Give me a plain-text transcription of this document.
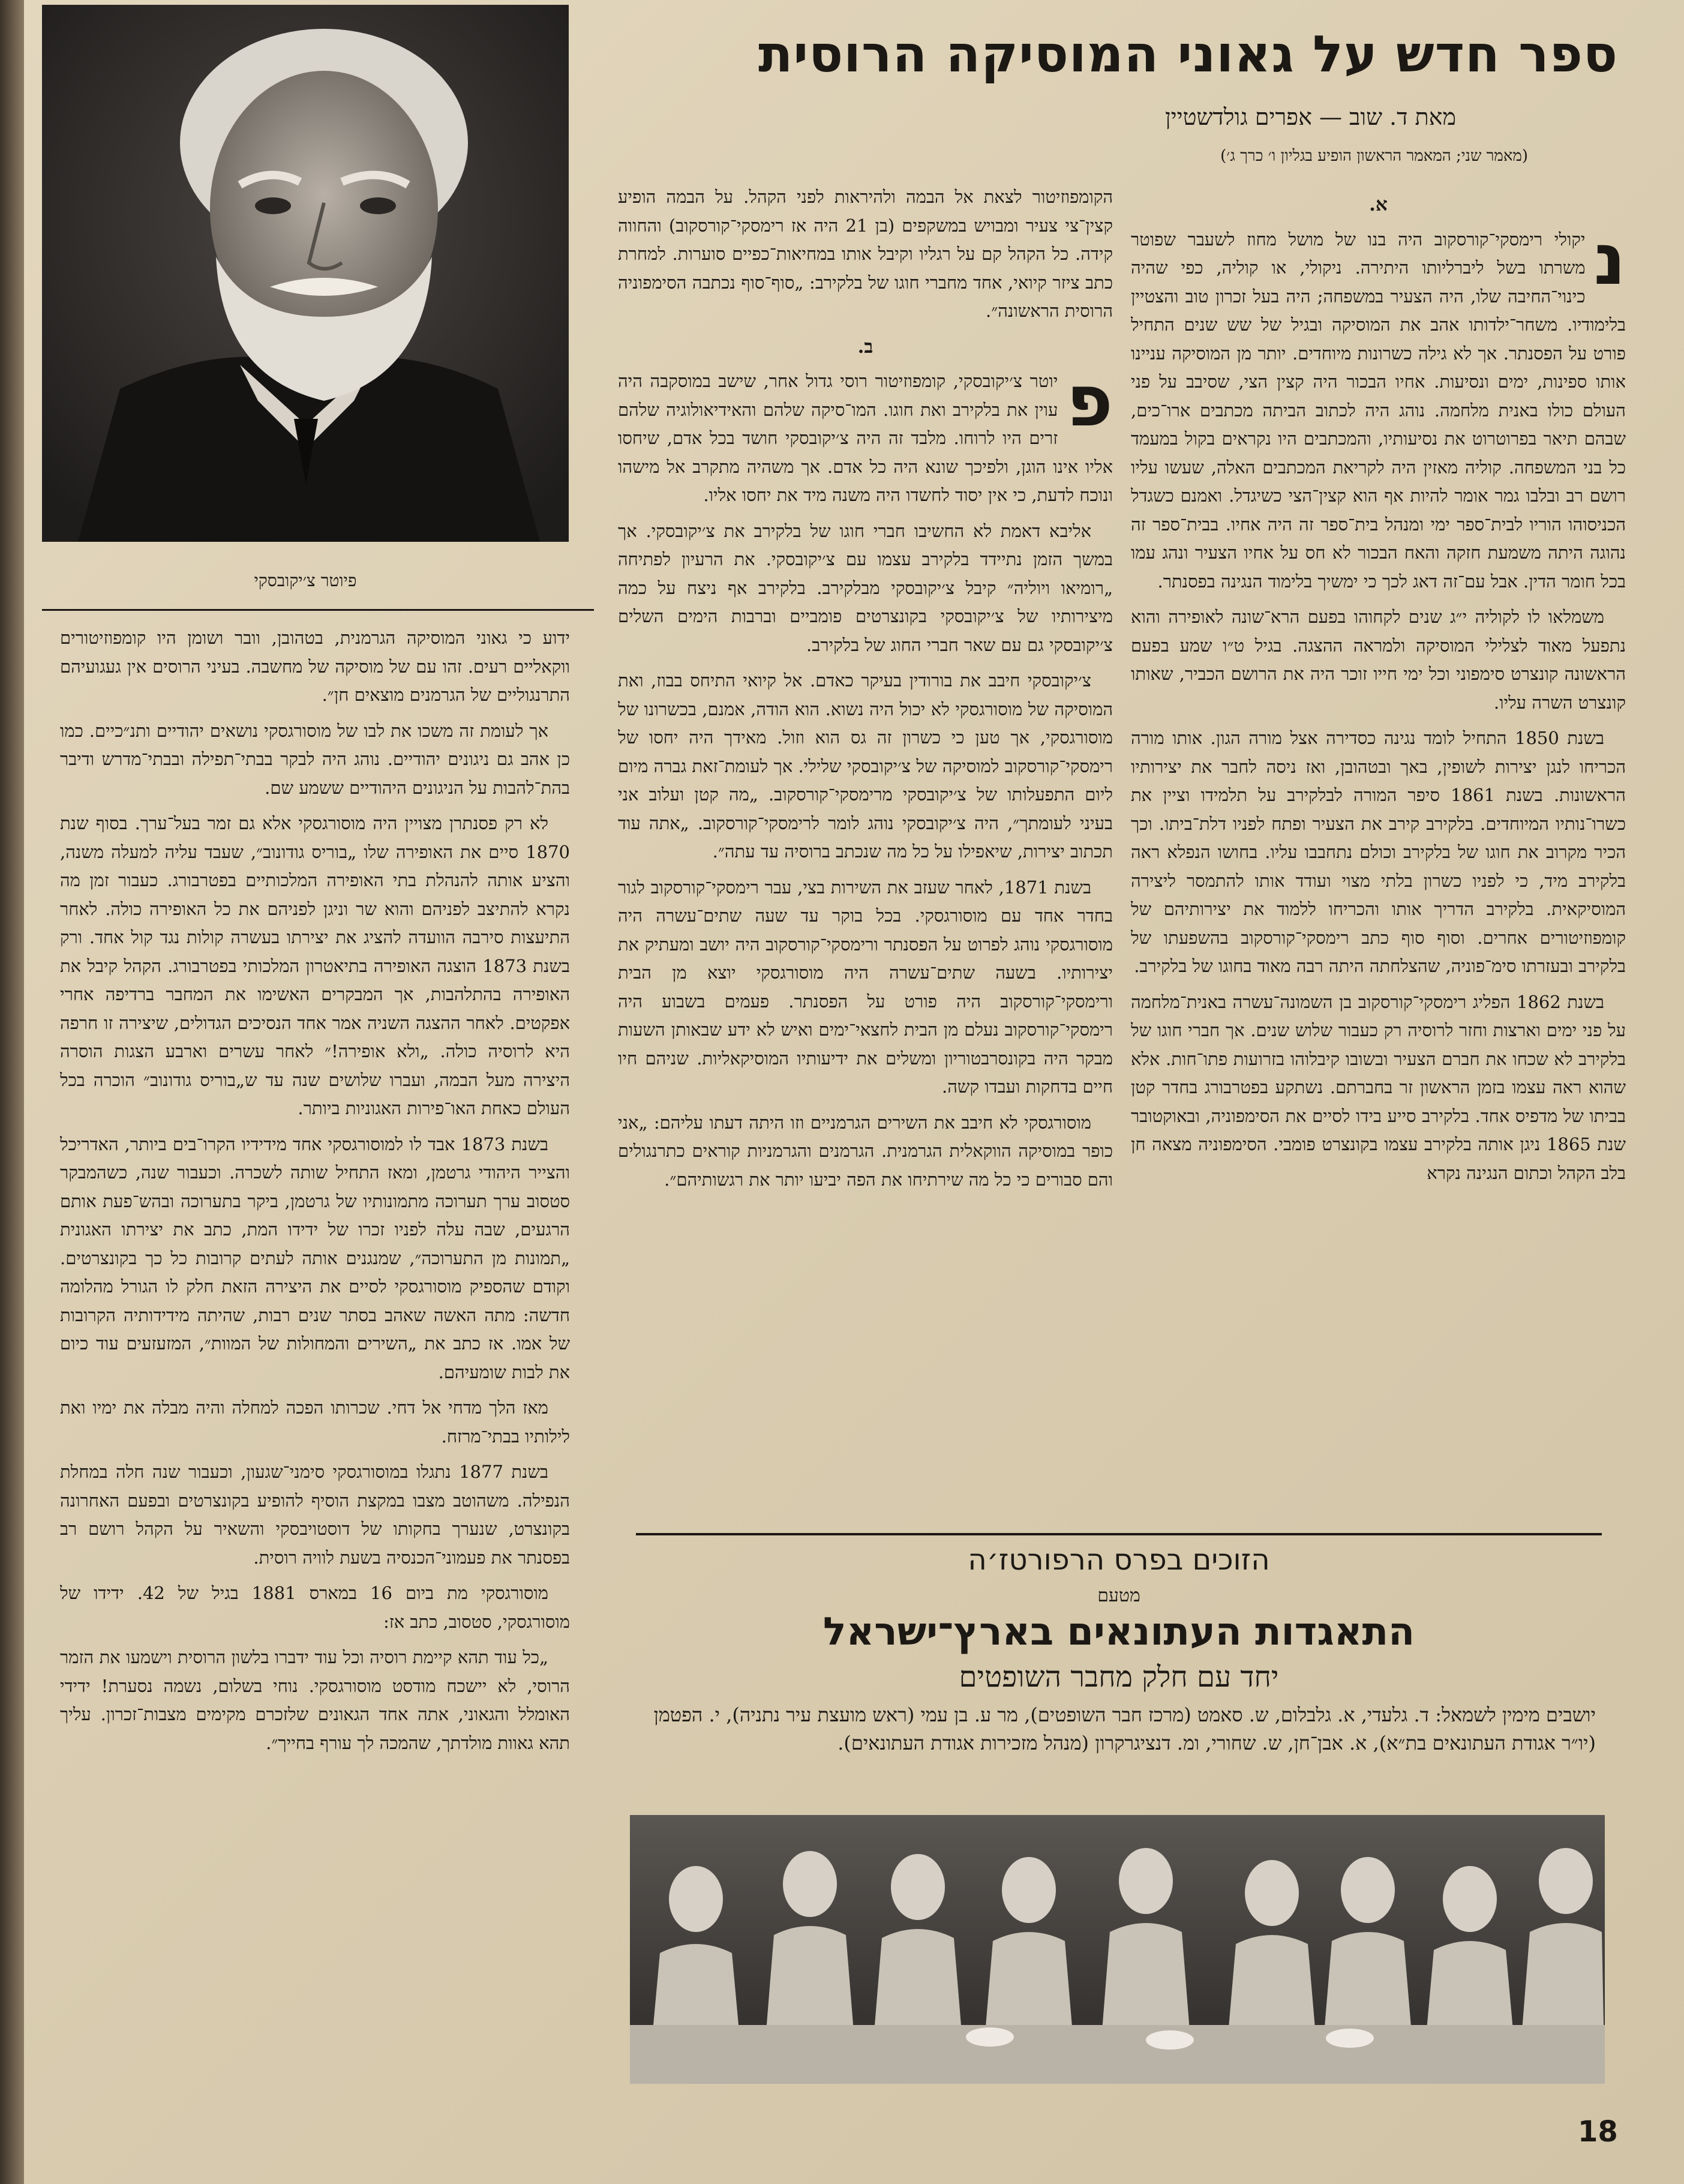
פיוטר צ׳יקובסקי
ספר חדש על גאוני המוסיקה הרוסית
מאת ד. שוב — אפרים גולדשטיין
(מאמר שני; המאמר הראשון הופיע בגליון ו׳ כרך ג׳)
א.

נ
יקולי רימסקי־קורסקוב היה בנו של מושל מחוז לשעבר שפוטר משרתו בשל ליברליותו היתירה. ניקולי, או קוליה, כפי שהיה כינוי־החיבה שלו, היה הצעיר במשפחה; היה בעל זכרון טוב והצטיין בלימודיו. משחר־ילדותו אהב את המוסיקה ובגיל של שש שנים התחיל פורט על הפסנתר. אך לא גילה כשרונות מיוחדים. יותר מן המוסיקה עניינו אותו ספינות, ימים ונסיעות. אחיו הבכור היה קצין הצי, שסיבב על פני העולם כולו באנית מלחמה. נוהג היה לכתוב הביתה מכתבים ארו־כים, שבהם תיאר בפרוטרוט את נסיעותיו, והמכתבים היו נקראים בקול במעמד כל בני המשפחה. קוליה מאזין היה לקריאת המכתבים האלה, שעשו עליו רושם רב ובלבו גמר אומר להיות אף הוא קצין־הצי כשיגדל. ואמנם כשגדל הכניסוהו הוריו לבית־ספר ימי ומנהל בית־ספר זה היה אחיו. בבית־ספר זה נהוגה היתה משמעת חזקה והאח הבכור לא חס על אחיו הצעיר ונהג עמו בכל חומר הדין. אבל עם־זה דאג לכך כי ימשיך בלימוד הנגינה בפסנתר.

משמלאו לו לקוליה י״ג שנים לקחוהו בפעם הרא־שונה לאופירה והוא נתפעל מאוד לצלילי המוסיקה ולמראה ההצגה. בגיל ט״ו שמע בפעם הראשונה קונצרט סימפוני וכל ימי חייו זוכר היה את הרושם הכביר, שאותו קונצרט השרה עליו.

בשנת 1850 התחיל לומד נגינה כסדירה אצל מורה הגון. אותו מורה הכריחו לנגן יצירות לשופין, באך ובטהובן, ואז ניסה לחבר את יצירותיו הראשונות. בשנת 1861 סיפר המורה לבלקירב על תלמידו וציין את כשרו־נותיו המיוחדים. בלקירב קירב את הצעיר ופתח לפניו דלת־ביתו. וכך הכיר מקרוב את חוגו של בלקירב וכולם נתחבבו עליו. בחושו הנפלא ראה בלקירב מיד, כי לפניו כשרון בלתי מצוי ועודד אותו להתמסר ליצירה המוסיקאית. בלקירב הדריך אותו והכריחו ללמוד את יצירותיהם של קומפוזיטורים אחרים. וסוף סוף כתב רימסקי־קורסקוב בהשפעתו של בלקירב ובעזרתו סימ־פוניה, שהצלחתה היתה רבה מאוד בחוגו של בלקירב.

בשנת 1862 הפליג רימסקי־קורסקוב בן השמונה־עשרה באנית־מלחמה על פני ימים וארצות וחזר לרוסיה רק כעבור שלוש שנים. אך חברי חוגו של בלקירב לא שכחו את חברם הצעיר ובשובו קיבלוהו בזרועות פתו־חות. אלא שהוא ראה עצמו בזמן הראשון זר בחברתם. נשתקע בפטרבורג בחדר קטן בביתו של מדפיס אחד. בלקירב סייע בידו לסיים את הסימפוניה, ובאוקטובר שנת 1865 ניגן אותה בלקירב עצמו בקונצרט פומבי. הסימפוניה מצאה חן בלב הקהל וכתום הנגינה נקרא

הקומפוזיטור לצאת אל הבמה ולהיראות לפני הקהל. על הבמה הופיע קצין־צי צעיר ומבויש במשקפים (בן 21 היה אז רימסקי־קורסקוב) והחווה קידה. כל הקהל קם על רגליו וקיבל אותו במחיאות־כפיים סוערות. למחרת כתב ציזר קיואי, אחד מחברי חוגו של בלקירב: „סוף־סוף נכתבה הסימפוניה הרוסית הראשונה״.

ב.

פ
יוטר צ׳יקובסקי, קומפוזיטור רוסי גדול אחר, שישב במוסקבה היה עוין את בלקירב ואת חוגו. המו־סיקה שלהם והאידיאולוגיה שלהם זרים היו לרוחו. מלבד זה היה צ׳יקובסקי חושד בכל אדם, שיחסו אליו אינו הוגן, ולפיכך שונא היה כל אדם. אך משהיה מתקרב אל מישהו ונוכח לדעת, כי אין יסוד לחשדו היה משנה מיד את יחסו אליו.

אליבא דאמת לא החשיבו חברי חוגו של בלקירב את צ׳יקובסקי. אך במשך הזמן נתיידד בלקירב עצמו עם צ׳יקובסקי. את הרעיון לפתיחה „רומיאו ויוליה״ קיבל צ׳יקובסקי מבלקירב. בלקירב אף ניצח על כמה מיצירותיו של צ׳יקובסקי בקונצרטים פומביים וברבות הימים השלים צ׳יקובסקי גם עם שאר חברי החוג של בלקירב.

צ׳יקובסקי חיבב את בורודין בעיקר כאדם. אל קיואי התיחס בבוז, ואת המוסיקה של מוסורגסקי לא יכול היה נשוא. הוא הודה, אמנם, בכשרונו של מוסורגסקי, אך טען כי כשרון זה גס הוא וזול. מאידך היה יחסו של רימסקי־קורסקוב למוסיקה של צ׳יקובסקי שלילי. אך לעומת־זאת גברה מיום ליום התפעלותו של צ׳יקובסקי מרימסקי־קורסקוב. „מה קטן ועלוב אני בעיני לעומתך״, היה צ׳יקובסקי נוהג לומר לרימסקי־קורסקוב. „אתה עוד תכתוב יצירות, שיאפילו על כל מה שנכתב ברוסיה עד עתה״.

בשנת 1871, לאחר שעזב את השירות בצי, עבר רימסקי־קורסקוב לגור בחדר אחד עם מוסורגסקי. בכל בוקר עד שעה שתים־עשרה היה מוסורגסקי נוהג לפרוט על הפסנתר ורימסקי־קורסקוב היה יושב ומעתיק את יצירותיו. בשעה שתים־עשרה היה מוסורגסקי יוצא מן הבית ורימסקי־קורסקוב היה פורט על הפסנתר. פעמים בשבוע היה רימסקי־קורסקוב נעלם מן הבית לחצאי־ימים ואיש לא ידע שבאותן השעות מבקר היה בקונסרבטוריון ומשלים את ידיעותיו המוסיקאליות. שניהם חיו חיים בדחקות ועבדו קשה.

מוסורגסקי לא חיבב את השירים הגרמניים וזו היתה דעתו עליהם: „אני כופר במוסיקה הווקאלית הגרמנית. הגרמנים והגרמניות קוראים כתרנגולים והם סבורים כי כל מה שירתיחו את הפה יביעו יותר את רגשותיהם״.

ידוע כי גאוני המוסיקה הגרמנית, בטהובן, וובר ושומן היו קומפוזיטורים ווקאליים רעים. זהו עם של מוסיקה של מחשבה. בעיני הרוסים אין געגועיהם התרנגוליים של הגרמנים מוצאים חן״.

אך לעומת זה משכו את לבו של מוסורגסקי נושאים יהודיים ותנ״כיים. כמו כן אהב גם ניגונים יהודיים. נוהג היה לבקר בבתי־תפילה ובבתי־מדרש ודיבר בהת־להבות על הניגונים היהודיים ששמע שם.

לא רק פסנתרן מצויין היה מוסורגסקי אלא גם זמר בעל־ערך. בסוף שנת 1870 סיים את האופירה שלו „בוריס גודונוב״, שעבד עליה למעלה משנה, והציע אותה להנהלת בתי האופירה המלכותיים בפטרבורג. כעבור זמן מה נקרא להתיצב לפניהם והוא שר וניגן לפניהם את כל האופירה כולה. לאחר התיעצות סירבה הוועדה להציג את יצירתו בעשרה קולות נגד קול אחד. ורק בשנת 1873 הוצגה האופירה בתיאטרון המלכותי בפטרבורג. הקהל קיבל את האופירה בהתלהבות, אך המבקרים האשימו את המחבר ברדיפה אחרי אפקטים. לאחר ההצגה השניה אמר אחד הנסיכים הגדולים, שיצירה זו חרפה היא לרוסיה כולה. „ולא אופירה!״ לאחר עשרים וארבע הצגות הוסרה היצירה מעל הבמה, ועברו שלושים שנה עד ש„בוריס גודונוב״ הוכרה בכל העולם כאחת האו־פירות האגוניות ביותר.

בשנת 1873 אבד לו למוסורגסקי אחד מידידיו הקרו־בים ביותר, האדריכל והצייר היהודי גרטמן, ומאז התחיל שותה לשכרה. וכעבור שנה, כשהמבקר סטסוב ערך תערוכה מתמונותיו של גרטמן, ביקר בתערוכה ובהש־פעת אותם הרגעים, שבה עלה לפניו זכרו של ידידו המת, כתב את יצירתו האגונית „תמונות מן התערוכה״, שמנגנים אותה לעתים קרובות כל כך בקונצרטים. וקודם שהספיק מוסורגסקי לסיים את היצירה הזאת חלק לו הגורל מהלומה חדשה: מתה האשה שאהב בסתר שנים רבות, שהיתה מידידותיה הקרובות של אמו. אז כתב את „השירים והמחולות של המוות״, המזעזעים עוד כיום את לבות שומעיהם.

מאז הלך מדחי אל דחי. שכרותו הפכה למחלה והיה מבלה את ימיו ואת לילותיו בבתי־מרזח.

בשנת 1877 נתגלו במוסורגסקי סימני־שגעון, וכעבור שנה חלה במחלת הנפילה. משהוטב מצבו במקצת הוסיף להופיע בקונצרטים ובפעם האחרונה בקונצרט, שנערך בחקותו של דוסטויבסקי והשאיר על הקהל רושם רב בפסנתר את פעמוני־הכנסיה בשעת לוויה רוסית.

מוסורגסקי מת ביום 16 במארס 1881 בגיל של 42. ידידו של מוסורגסקי, סטסוב, כתב אז:

„כל עוד תהא קיימת רוסיה וכל עוד ידברו בלשון הרוסית וישמעו את הזמר הרוסי, לא יישכח מודסט מוסורגסקי. נוחי בשלום, נשמה נסערת! ידידי האומלל והגאוני, אתה אחד הגאונים שלזכרם מקימים מצבות־זכרון. עליך תהא גאוות מולדתך, שהמכה לך עורף בחייך״.

הזוכים בפרס הרפורטז׳ה
מטעם
התאגדות העתונאים בארץ־ישראל
יחד עם חלק מחבר השופטים
יושבים מימין לשמאל: ד. גלעדי, א. גלבלום, ש. סאמט (מרכז חבר השופטים), מר ע. בן עמי (ראש מועצת עיר נתניה), י. הפטמן (יו״ר אגודת העתונאים בת״א), א. אבן־חן, ש. שחורי, ומ. דנציגרקרון (מנהל מזכירות אגודת העתונאים).
18
